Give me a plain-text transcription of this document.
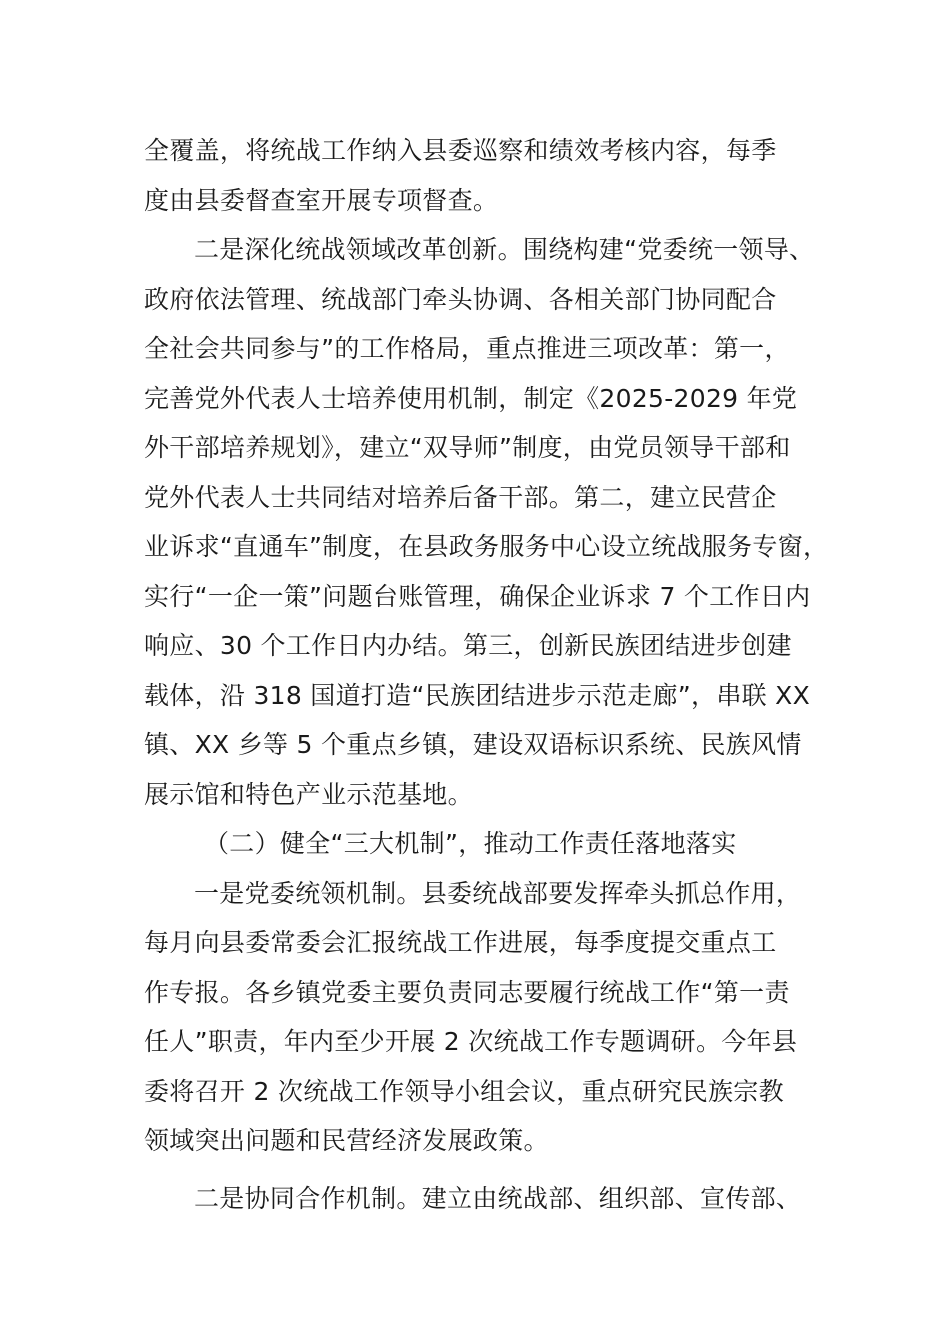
全覆盖，将统战工作纳入县委巡察和绩效考核内容，每季
度由县委督查室开展专项督查。
二是深化统战领域改革创新。围绕构建“党委统一领导、
政府依法管理、统战部门牵头协调、各相关部门协同配合
全社会共同参与”的工作格局，重点推进三项改革：第一，
完善党外代表人士培养使用机制，制定《2025-2029 年党
外干部培养规划》，建立“双导师”制度，由党员领导干部和
党外代表人士共同结对培养后备干部。第二，建立民营企
业诉求“直通车”制度，在县政务服务中心设立统战服务专窗，
实行“一企一策”问题台账管理，确保企业诉求 7 个工作日内
响应、30 个工作日内办结。第三，创新民族团结进步创建
载体，沿 318 国道打造“民族团结进步示范走廊”，串联 XX
镇、XX 乡等 5 个重点乡镇，建设双语标识系统、民族风情
展示馆和特色产业示范基地。
（二）健全“三大机制”，推动工作责任落地落实
一是党委统领机制。县委统战部要发挥牵头抓总作用，
每月向县委常委会汇报统战工作进展，每季度提交重点工
作专报。各乡镇党委主要负责同志要履行统战工作“第一责
任人”职责，年内至少开展 2 次统战工作专题调研。今年县
委将召开 2 次统战工作领导小组会议，重点研究民族宗教
领域突出问题和民营经济发展政策。
二是协同合作机制。建立由统战部、组织部、宣传部、
